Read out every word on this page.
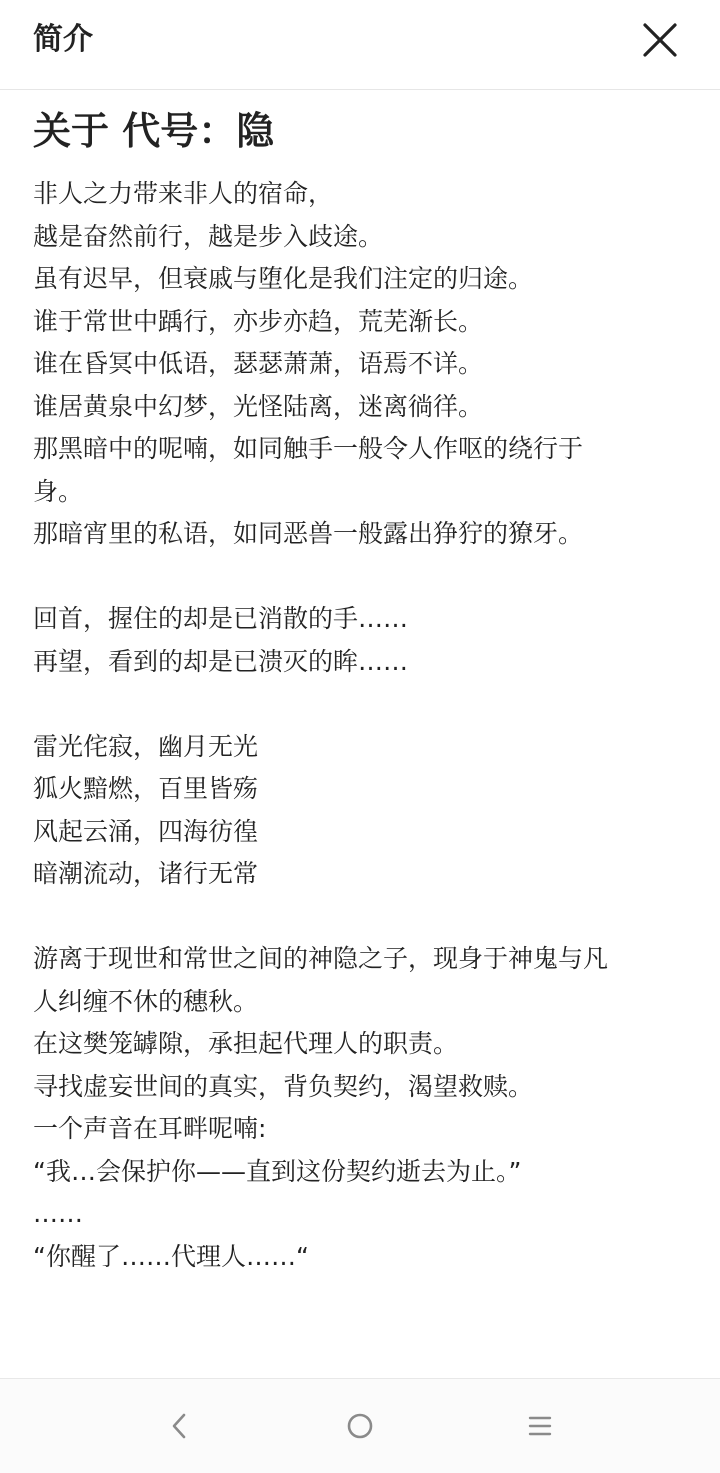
简介
关于 代号：隐
非人之力带来非人的宿命，
越是奋然前行，越是步入歧途。
虽有迟早，但衰戚与堕化是我们注定的归途。
谁于常世中踽行，亦步亦趋，荒芜渐长。
谁在昏冥中低语，瑟瑟萧萧，语焉不详。
谁居黄泉中幻梦，光怪陆离，迷离徜徉。
那黑暗中的呢喃，如同触手一般令人作呕的绕行于
身。
那暗宵里的私语，如同恶兽一般露出狰狞的獠牙。
回首，握住的却是已消散的手……
再望，看到的却是已溃灭的眸……
雷光侘寂，幽月无光
狐火黯燃，百里皆殇
风起云涌，四海彷徨
暗潮流动，诸行无常
游离于现世和常世之间的神隐之子，现身于神鬼与凡
人纠缠不休的穗秋。
在这樊笼罅隙，承担起代理人的职责。
寻找虚妄世间的真实，背负契约，渴望救赎。
一个声音在耳畔呢喃:
“我…会保护你——直到这份契约逝去为止。”
……
“你醒了……代理人……“
